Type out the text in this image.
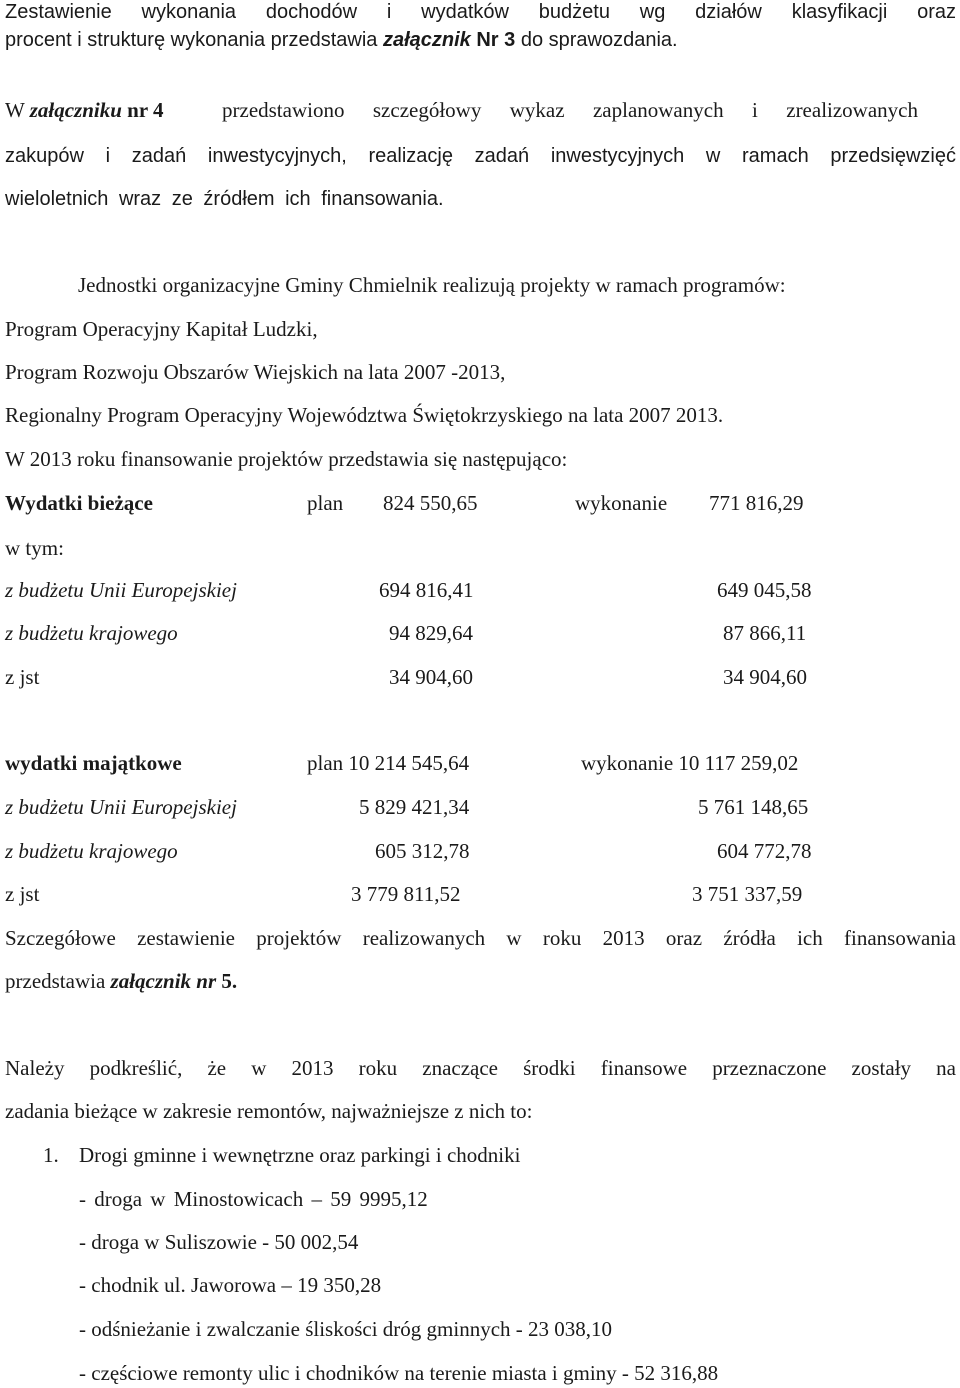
Zestawienie wykonania dochodów i wydatków budżetu wg działów klasyfikacji oraz
procent i strukturę wykonania przedstawia załącznik Nr 3 do sprawozdania.
W załączniku nr 4	przedstawiono szczegółowy wykaz zaplanowanych i zrealizowanych
zakupów i zadań inwestycyjnych, realizację zadań inwestycyjnych w ramach przedsięwzięć
wieloletnich wraz ze źródłem ich finansowania.
Jednostki organizacyjne Gminy Chmielnik realizują projekty w ramach programów:
Program Operacyjny Kapitał Ludzki,
Program Rozwoju Obszarów Wiejskich na lata 2007 -2013,
Regionalny Program Operacyjny Województwa Świętokrzyskiego na lata 2007 2013.
W 2013 roku finansowanie projektów przedstawia się następująco:
Wydatki bieżące	plan 824 550,65	wykonanie 771 816,29
w tym:
z budżetu Unii Europejskiej	694 816,41	649 045,58
z budżetu krajowego	94 829,64	87 866,11
z jst	34 904,60	34 904,60
wydatki majątkowe	plan 10 214 545,64	wykonanie 10 117 259,02
z budżetu Unii Europejskiej	5 829 421,34	5 761 148,65
z budżetu krajowego	605 312,78	604 772,78
z jst	3 779 811,52	3 751 337,59
Szczegółowe zestawienie projektów realizowanych w roku 2013 oraz źródła ich finansowania
przedstawia załącznik nr 5.
Należy podkreślić, że w 2013 roku znaczące środki finansowe przeznaczone zostały na
zadania bieżące w zakresie remontów, najważniejsze z nich to:
1. Drogi gminne i wewnętrzne oraz parkingi i chodniki
- droga w Minostowicach – 59 9995,12
- droga w Suliszowie - 50 002,54
- chodnik ul. Jaworowa – 19 350,28
- odśnieżanie i zwalczanie śliskości dróg gminnych - 23 038,10
- częściowe remonty ulic i chodników na terenie miasta i gminy - 52 316,88
